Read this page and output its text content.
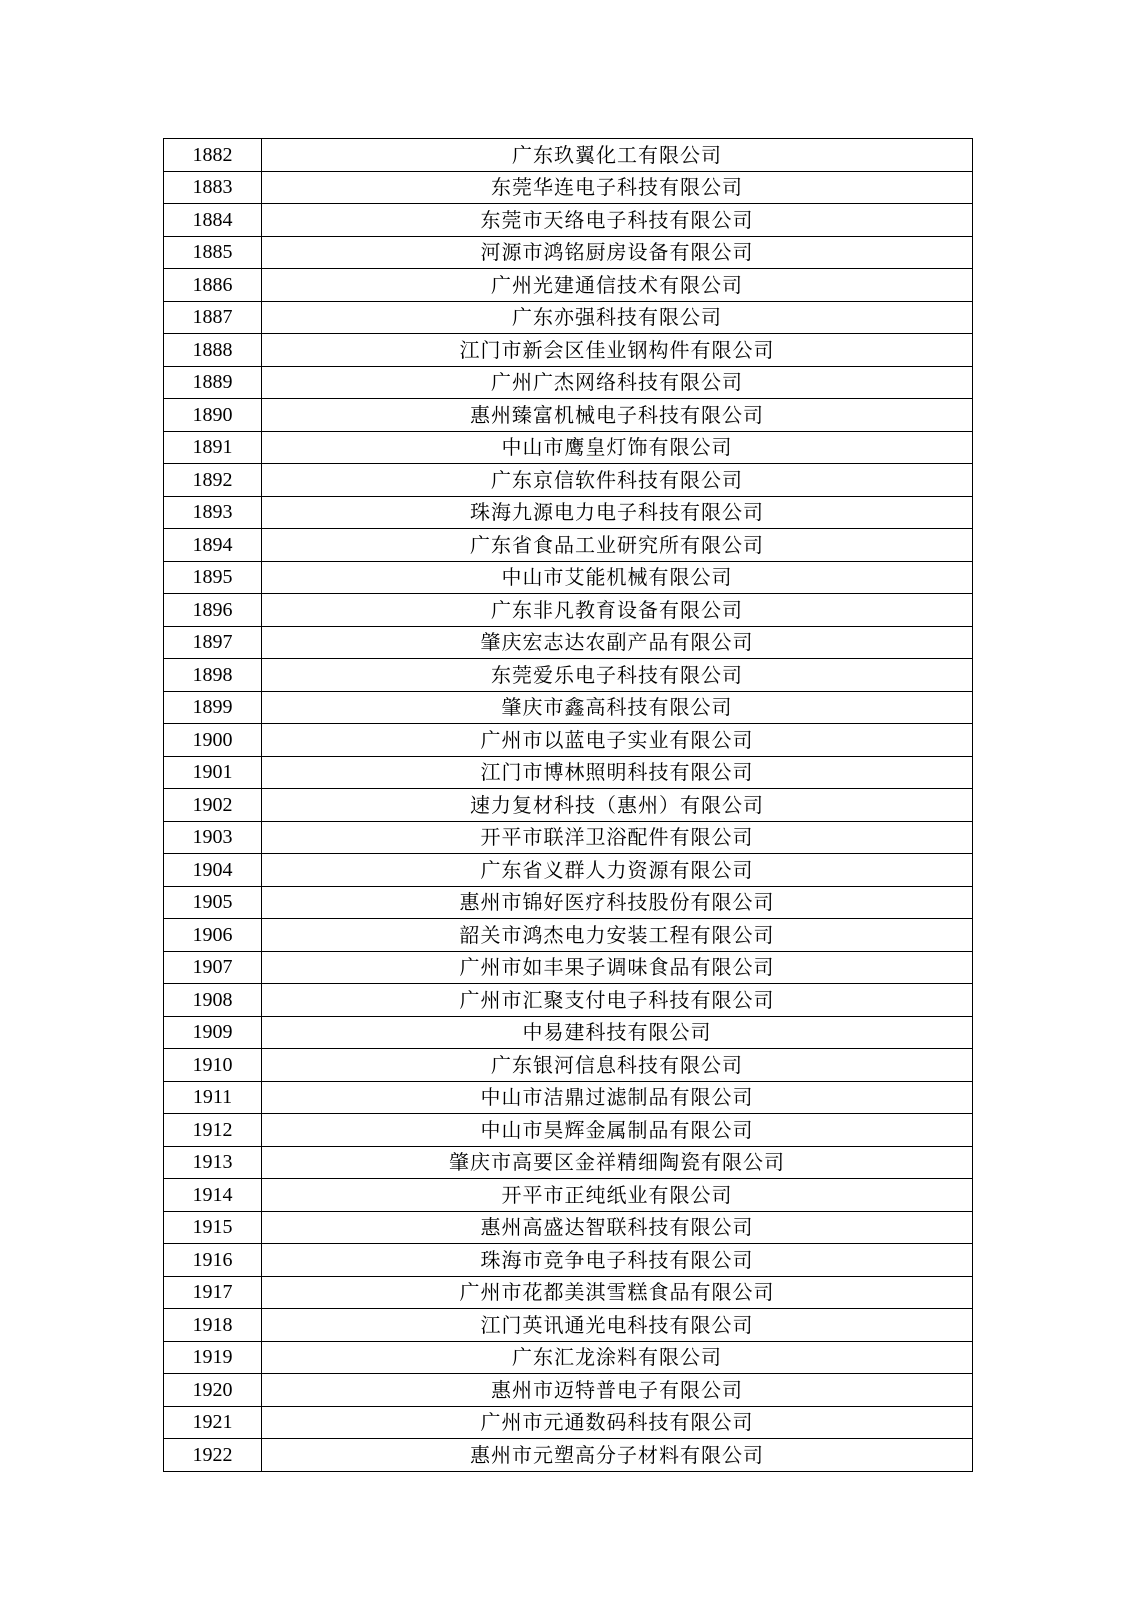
1882	广东玖翼化工有限公司
1883	东莞华连电子科技有限公司
1884	东莞市天络电子科技有限公司
1885	河源市鸿铭厨房设备有限公司
1886	广州光建通信技术有限公司
1887	广东亦强科技有限公司
1888	江门市新会区佳业钢构件有限公司
1889	广州广杰网络科技有限公司
1890	惠州臻富机械电子科技有限公司
1891	中山市鹰皇灯饰有限公司
1892	广东京信软件科技有限公司
1893	珠海九源电力电子科技有限公司
1894	广东省食品工业研究所有限公司
1895	中山市艾能机械有限公司
1896	广东非凡教育设备有限公司
1897	肇庆宏志达农副产品有限公司
1898	东莞爱乐电子科技有限公司
1899	肇庆市鑫高科技有限公司
1900	广州市以蓝电子实业有限公司
1901	江门市博林照明科技有限公司
1902	速力复材科技（惠州）有限公司
1903	开平市联洋卫浴配件有限公司
1904	广东省义群人力资源有限公司
1905	惠州市锦好医疗科技股份有限公司
1906	韶关市鸿杰电力安装工程有限公司
1907	广州市如丰果子调味食品有限公司
1908	广州市汇聚支付电子科技有限公司
1909	中易建科技有限公司
1910	广东银河信息科技有限公司
1911	中山市洁鼎过滤制品有限公司
1912	中山市昊辉金属制品有限公司
1913	肇庆市高要区金祥精细陶瓷有限公司
1914	开平市正纯纸业有限公司
1915	惠州高盛达智联科技有限公司
1916	珠海市竞争电子科技有限公司
1917	广州市花都美淇雪糕食品有限公司
1918	江门英讯通光电科技有限公司
1919	广东汇龙涂料有限公司
1920	惠州市迈特普电子有限公司
1921	广州市元通数码科技有限公司
1922	惠州市元塑高分子材料有限公司
